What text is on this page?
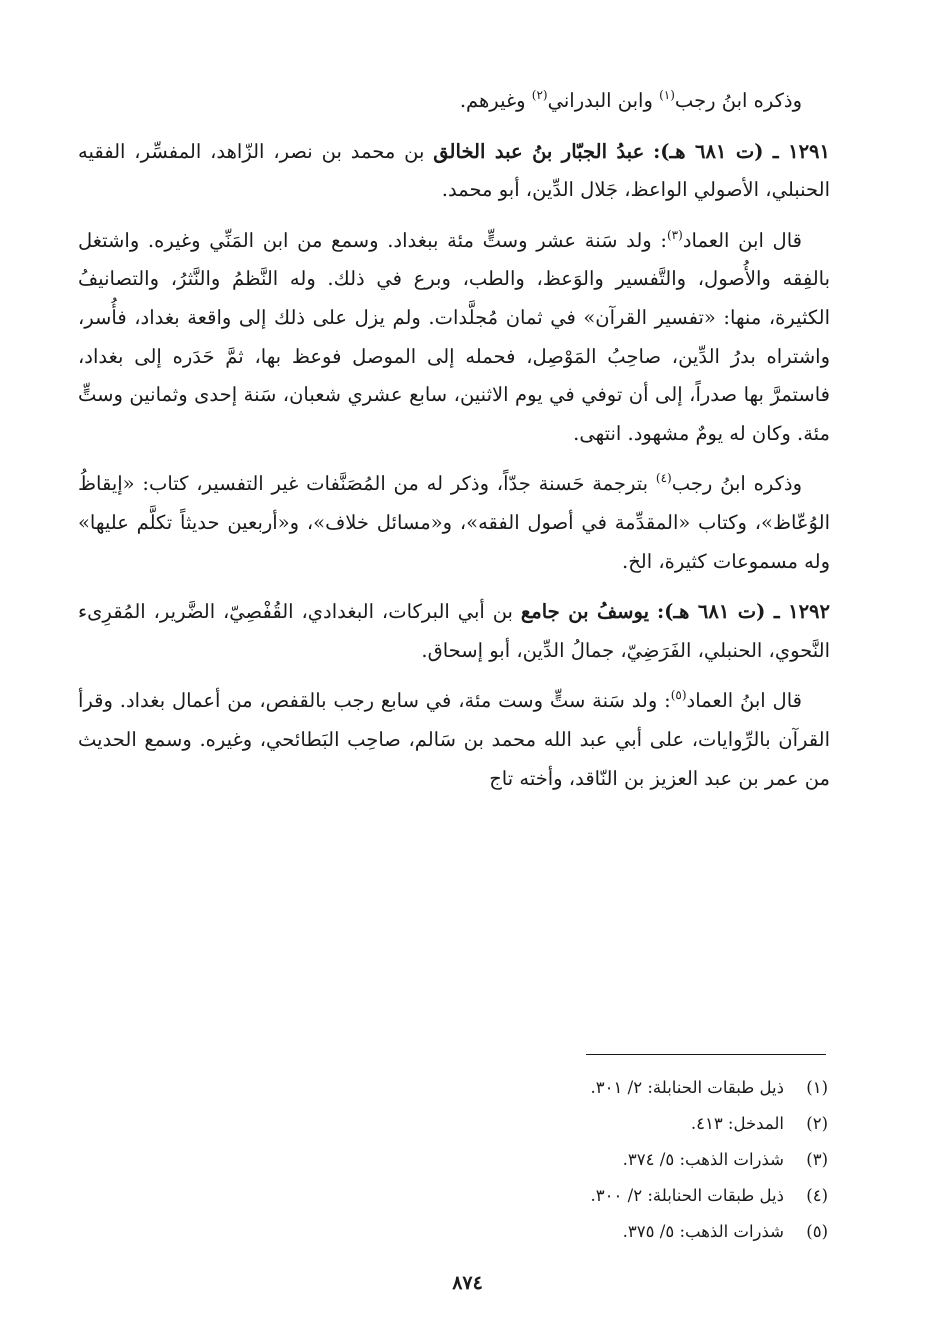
وذكره ابنُ رجب$^{(١)}$ وابن البدراني$^{(٢)}$ وغيرهم.

١٢٩١ ـ (ت ٦٨١ هـ): عبدُ الجبّار بنُ عبد الخالق بن محمد بن نصر، الزّاهد، المفسِّر، الفقيه الحنبلي، الأصولي الواعظ، جَلال الدِّين، أبو محمد.

قال ابن العماد$^{(٣)}$: ولد سَنة عشر وستٍّ مئة ببغداد. وسمع من ابن المَنِّي وغيره. واشتغل بالفِقه والأُصول، والتَّفسير والوَعظ، والطب، وبرع في ذلك. وله النَّظمُ والنَّثرُ، والتصانيفُ الكثيرة، منها: «تفسير القرآن» في ثمان مُجلَّدات. ولم يزل على ذلك إلى واقعة بغداد، فأُسر، واشتراه بدرُ الدِّين، صاحِبُ المَوْصِل، فحمله إلى الموصل فوعظ بها، ثمَّ حَدَره إلى بغداد، فاستمرَّ بها صدراً، إلى أن توفي في يوم الاثنين، سابع عشري شعبان، سَنة إحدى وثمانين وستٍّ مئة. وكان له يومٌ مشهود. انتهى.

وذكره ابنُ رجب$^{(٤)}$ بترجمة حَسنة جدّاً، وذكر له من المُصَنَّفات غير التفسير، كتاب: «إيقاظُ الوُعّاظ»، وكتاب «المقدِّمة في أصول الفقه»، و«مسائل خلاف»، و«أربعين حديثاً تكلَّم عليها» وله مسموعات كثيرة، الخ.

١٢٩٢ ـ (ت ٦٨١ هـ): يوسفُ بن جامع بن أبي البركات، البغدادي، القُفْصِيّ، الضَّرير، المُقرِىء النَّحوي، الحنبلي، الفَرَضِيّ، جمالُ الدِّين، أبو إسحاق.

قال ابنُ العماد$^{(٥)}$: ولد سَنة ستٍّ وست مئة، في سابع رجب بالقفص، من أعمال بغداد. وقرأ القرآن بالرِّوايات، على أبي عبد الله محمد بن سَالم، صاحِب البَطائحي، وغيره. وسمع الحديث من عمر بن عبد العزيز بن النّاقد، وأخته تاج

(١)ذيل طبقات الحنابلة: ٢/ ٣٠١.
(٢)المدخل: ٤١٣.
(٣)شذرات الذهب: ٥/ ٣٧٤.
(٤)ذيل طبقات الحنابلة: ٢/ ٣٠٠.
(٥)شذرات الذهب: ٥/ ٣٧٥.
٨٧٤
